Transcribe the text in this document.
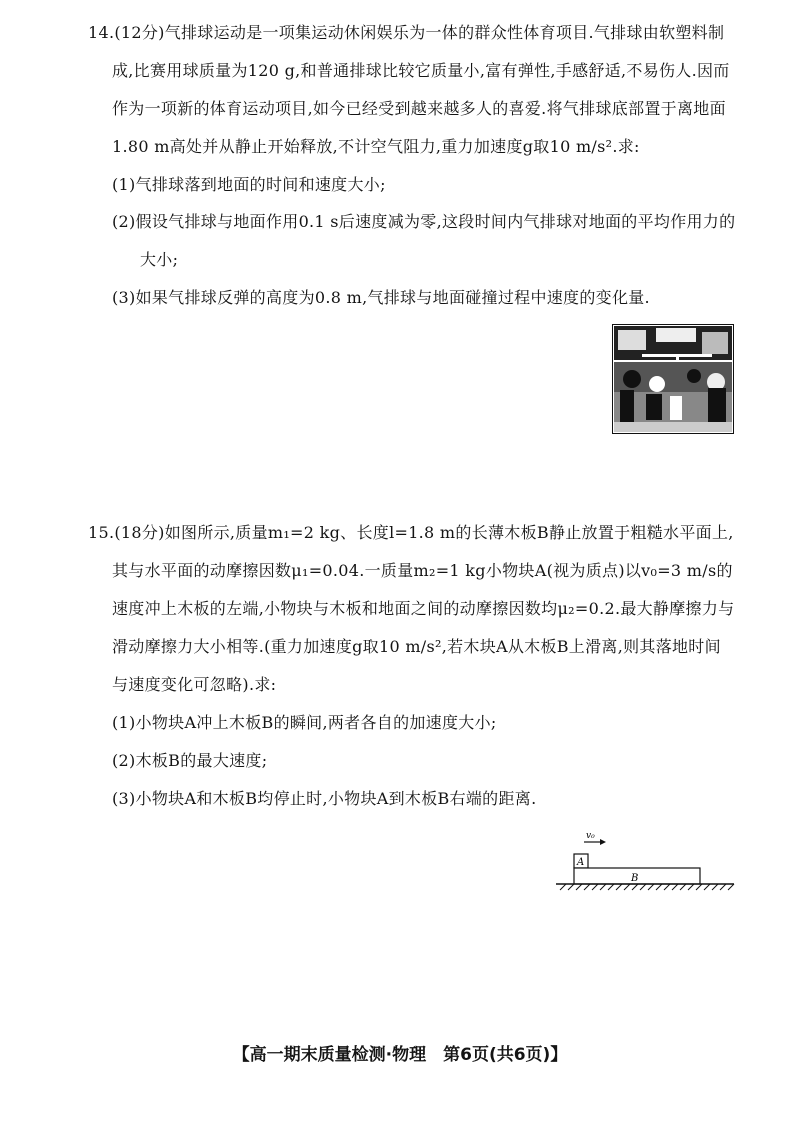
14.(12分)气排球运动是一项集运动休闲娱乐为一体的群众性体育项目.气排球由软塑料制
成,比赛用球质量为120 g,和普通排球比较它质量小,富有弹性,手感舒适,不易伤人.因而
作为一项新的体育运动项目,如今已经受到越来越多人的喜爱.将气排球底部置于离地面
1.80 m高处并从静止开始释放,不计空气阻力,重力加速度g取10 m/s².求:
(1)气排球落到地面的时间和速度大小;
(2)假设气排球与地面作用0.1 s后速度减为零,这段时间内气排球对地面的平均作用力的
大小;
(3)如果气排球反弹的高度为0.8 m,气排球与地面碰撞过程中速度的变化量.
15.(18分)如图所示,质量m₁=2 kg、长度l=1.8 m的长薄木板B静止放置于粗糙水平面上,
其与水平面的动摩擦因数μ₁=0.04.一质量m₂=1 kg小物块A(视为质点)以v₀=3 m/s的
速度冲上木板的左端,小物块与木板和地面之间的动摩擦因数均μ₂=0.2.最大静摩擦力与
滑动摩擦力大小相等.(重力加速度g取10 m/s²,若木块A从木板B上滑离,则其落地时间
与速度变化可忽略).求:
(1)小物块A冲上木板B的瞬间,两者各自的加速度大小;
(2)木板B的最大速度;
(3)小物块A和木板B均停止时,小物块A到木板B右端的距离.
v₀
A
B
【高一期末质量检测·物理　第6页(共6页)】
